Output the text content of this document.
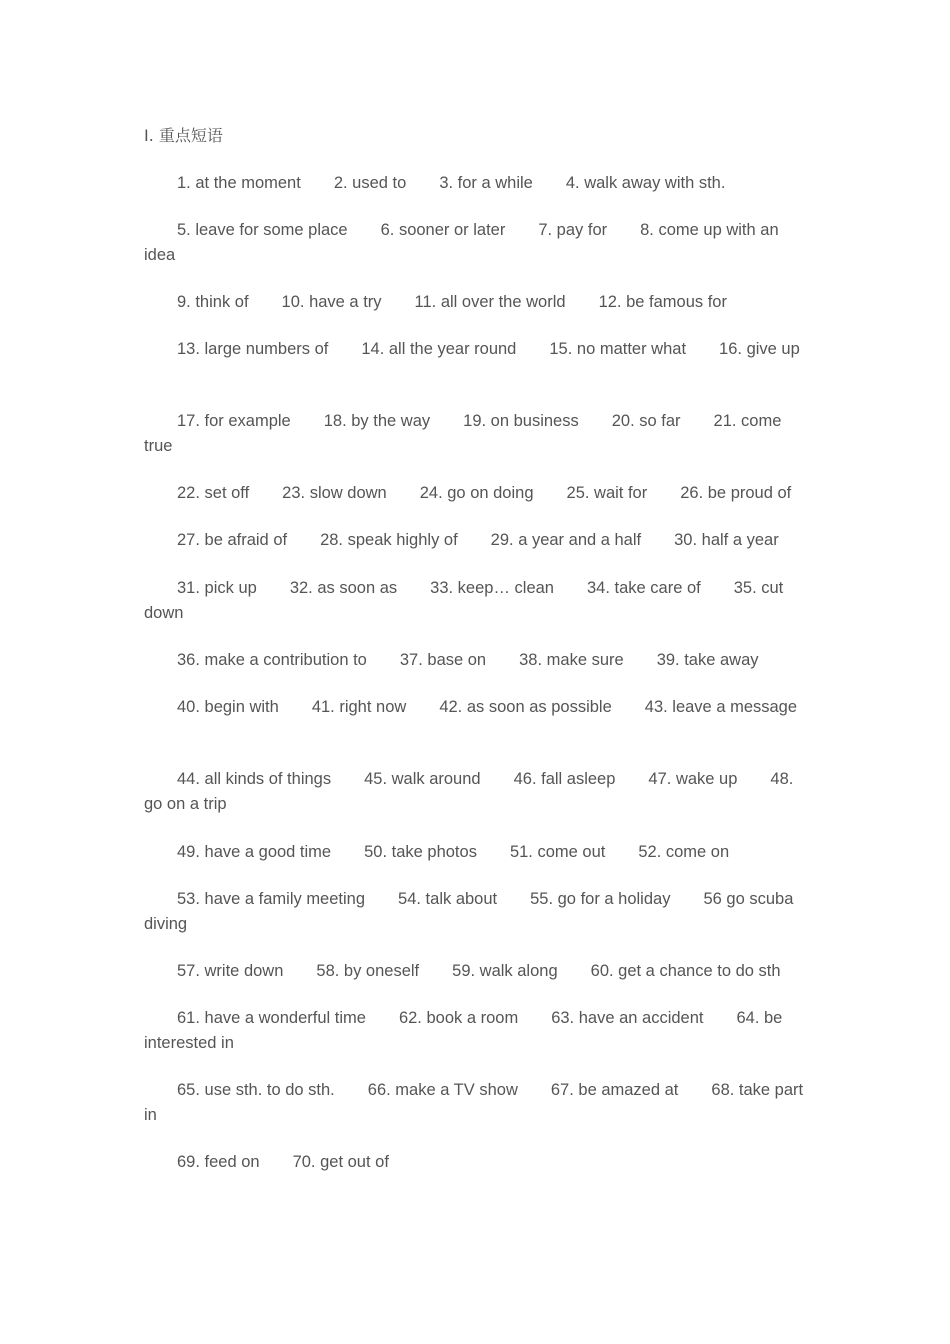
I. 重点短语
1. at the moment 2. used to 3. for a while 4. walk away with sth.
5. leave for some place 6. sooner or later 7. pay for 8. come up with an idea
9. think of 10. have a try 11. all over the world 12. be famous for
13. large numbers of 14. all the year round 15. no matter what 16. give up
17. for example 18. by the way 19. on business 20. so far 21. come true
22. set off 23. slow down 24. go on doing 25. wait for 26. be proud of
27. be afraid of 28. speak highly of 29. a year and a half 30. half a year
31. pick up 32. as soon as 33. keep… clean 34. take care of 35. cut down
36. make a contribution to 37. base on 38. make sure 39. take away
40. begin with 41. right now 42. as soon as possible 43. leave a message
44. all kinds of things 45. walk around 46. fall asleep 47. wake up 48. go on a trip
49. have a good time 50. take photos 51. come out 52. come on
53. have a family meeting 54. talk about 55. go for a holiday 56 go scuba diving
57. write down 58. by oneself 59. walk along 60. get a chance to do sth
61. have a wonderful time 62. book a room 63. have an accident 64. be interested in
65. use sth. to do sth. 66. make a TV show 67. be amazed at 68. take part in
69. feed on 70. get out of
